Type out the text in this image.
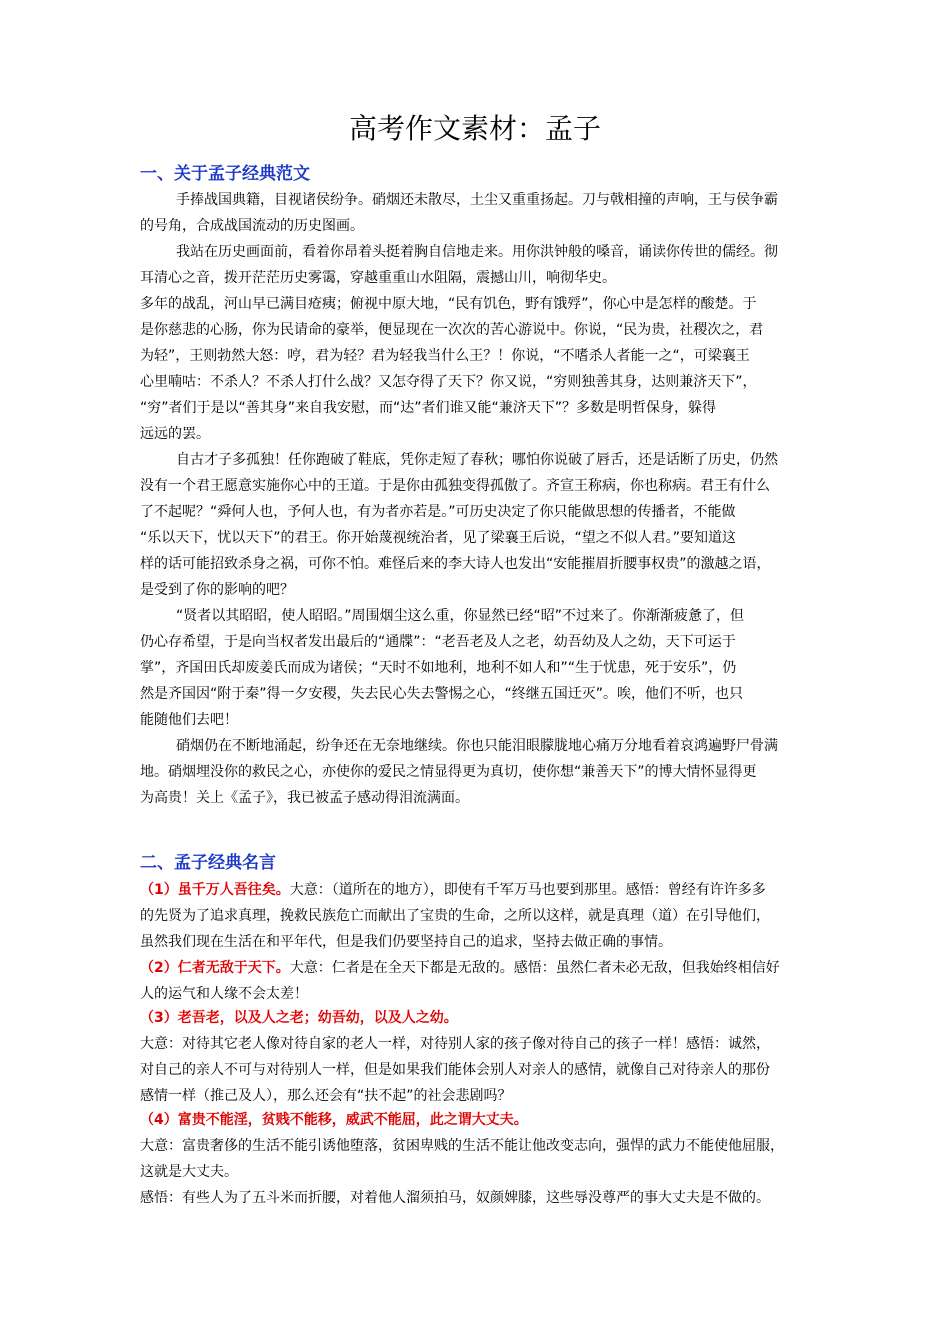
高考作文素材：孟子
一、关于孟子经典范文

手捧战国典籍，目视诸侯纷争。硝烟还未散尽，土尘又重重扬起。刀与戟相撞的声响，王与侯争霸

的号角，合成战国流动的历史图画。

我站在历史画面前，看着你昂着头挺着胸自信地走来。用你洪钟般的嗓音，诵读你传世的儒经。彻

耳清心之音，拨开茫茫历史雾霭，穿越重重山水阻隔，震撼山川，响彻华史。

多年的战乱，河山早已满目疮痍；俯视中原大地，“民有饥色，野有饿殍”，你心中是怎样的酸楚。于

是你慈悲的心肠，你为民请命的豪举，便显现在一次次的苦心游说中。你说，“民为贵，社稷次之，君

为轻”，王则勃然大怒：哼，君为轻？君为轻我当什么王？！你说，“不嗜杀人者能一之“，可梁襄王

心里喃咕：不杀人？不杀人打什么战？又怎夺得了天下？你又说，“穷则独善其身，达则兼济天下”，

“穷”者们于是以“善其身”来自我安慰，而“达”者们谁又能“兼济天下”？多数是明哲保身，躲得

远远的罢。

自古才子多孤独！任你跑破了鞋底，凭你走短了春秋；哪怕你说破了唇舌，还是话断了历史，仍然

没有一个君王愿意实施你心中的王道。于是你由孤独变得孤傲了。齐宣王称病，你也称病。君王有什么

了不起呢？“舜何人也，予何人也，有为者亦若是。”可历史决定了你只能做思想的传播者，不能做

“乐以天下，忧以天下”的君王。你开始蔑视统治者，见了梁襄王后说，“望之不似人君。”要知道这

样的话可能招致杀身之祸，可你不怕。难怪后来的李大诗人也发出“安能摧眉折腰事权贵”的激越之语，

是受到了你的影响的吧？

“贤者以其昭昭，使人昭昭。”周围烟尘这么重，你显然已经“昭”不过来了。你渐渐疲惫了，但

仍心存希望，于是向当权者发出最后的“通牒”：“老吾老及人之老，幼吾幼及人之幼，天下可运于

掌”，齐国田氏却废姜氏而成为诸侯；“天时不如地利，地利不如人和”“生于忧患，死于安乐”，仍

然是齐国因“附于秦”得一夕安稷，失去民心失去警惕之心，“终继五国迁灭”。唉，他们不听，也只

能随他们去吧！

硝烟仍在不断地涌起，纷争还在无奈地继续。你也只能泪眼朦胧地心痛万分地看着哀鸿遍野尸骨满

地。硝烟埋没你的救民之心，亦使你的爱民之情显得更为真切，使你想“兼善天下”的博大情怀显得更

为高贵！关上《孟子》，我已被孟子感动得泪流满面。

二、孟子经典名言

（1）虽千万人吾往矣。大意：（道所在的地方），即使有千军万马也要到那里。感悟：曾经有许许多多

的先贤为了追求真理，挽救民族危亡而献出了宝贵的生命，之所以这样，就是真理（道）在引导他们，

虽然我们现在生活在和平年代，但是我们仍要坚持自己的追求，坚持去做正确的事情。

（2）仁者无敌于天下。大意：仁者是在全天下都是无敌的。感悟：虽然仁者未必无敌，但我始终相信好

人的运气和人缘不会太差！

（3）老吾老，以及人之老；幼吾幼，以及人之幼。

大意：对待其它老人像对待自家的老人一样，对待别人家的孩子像对待自己的孩子一样！感悟：诚然，

对自己的亲人不可与对待别人一样，但是如果我们能体会别人对亲人的感情，就像自己对待亲人的那份

感情一样（推己及人），那么还会有“扶不起”的社会悲剧吗？

（4）富贵不能淫，贫贱不能移，威武不能屈，此之谓大丈夫。

大意：富贵奢侈的生活不能引诱他堕落，贫困卑贱的生活不能让他改变志向，强悍的武力不能使他屈服，

这就是大丈夫。

感悟：有些人为了五斗米而折腰，对着他人溜须拍马，奴颜婢膝，这些辱没尊严的事大丈夫是不做的。
